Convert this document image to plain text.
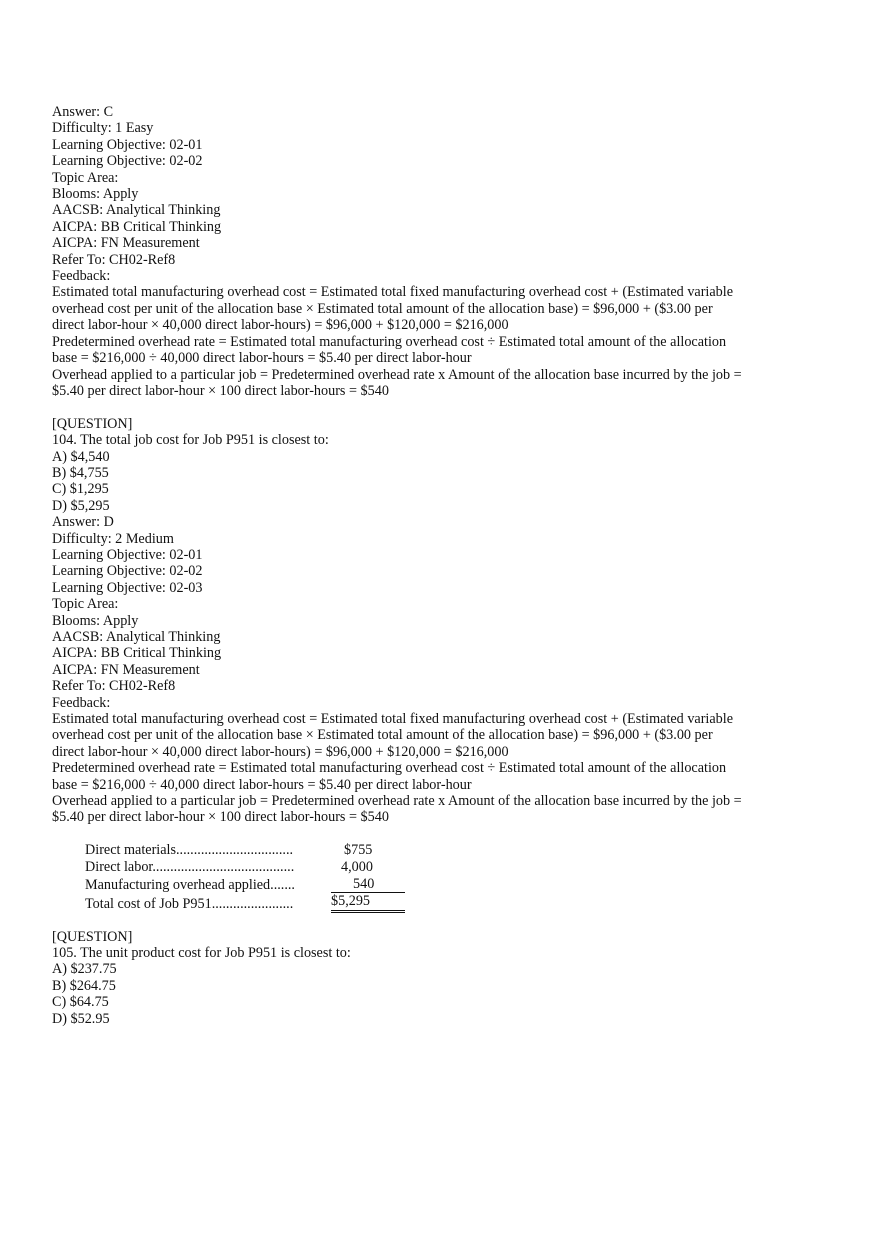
Answer: C
Difficulty: 1 Easy
Learning Objective: 02-01
Learning Objective: 02-02
Topic Area:
Blooms: Apply
AACSB: Analytical Thinking
AICPA: BB Critical Thinking
AICPA: FN Measurement
Refer To: CH02-Ref8
Feedback:
Estimated total manufacturing overhead cost = Estimated total fixed manufacturing overhead cost + (Estimated variable
overhead cost per unit of the allocation base × Estimated total amount of the allocation base) = $96,000 + ($3.00 per
direct labor-hour × 40,000 direct labor-hours) = $96,000 + $120,000 = $216,000
Predetermined overhead rate = Estimated total manufacturing overhead cost ÷ Estimated total amount of the allocation
base = $216,000 ÷ 40,000 direct labor-hours = $5.40 per direct labor-hour
Overhead applied to a particular job = Predetermined overhead rate x Amount of the allocation base incurred by the job =
$5.40 per direct labor-hour × 100 direct labor-hours = $540
[QUESTION]
104. The total job cost for Job P951 is closest to:
A) $4,540
B) $4,755
C) $1,295
D) $5,295
Answer: D
Difficulty: 2 Medium
Learning Objective: 02-01
Learning Objective: 02-02
Learning Objective: 02-03
Topic Area:
Blooms: Apply
AACSB: Analytical Thinking
AICPA: BB Critical Thinking
AICPA: FN Measurement
Refer To: CH02-Ref8
Feedback:
Estimated total manufacturing overhead cost = Estimated total fixed manufacturing overhead cost + (Estimated variable
overhead cost per unit of the allocation base × Estimated total amount of the allocation base) = $96,000 + ($3.00 per
direct labor-hour × 40,000 direct labor-hours) = $96,000 + $120,000 = $216,000
Predetermined overhead rate = Estimated total manufacturing overhead cost ÷ Estimated total amount of the allocation
base = $216,000 ÷ 40,000 direct labor-hours = $5.40 per direct labor-hour
Overhead applied to a particular job = Predetermined overhead rate x Amount of the allocation base incurred by the job =
$5.40 per direct labor-hour × 100 direct labor-hours = $540
Direct materials.................................	$755
Direct labor........................................	4,000
Manufacturing overhead applied.......	540
Total cost of Job P951.......................	$5,295
[QUESTION]
105. The unit product cost for Job P951 is closest to:
A) $237.75
B) $264.75
C) $64.75
D) $52.95
